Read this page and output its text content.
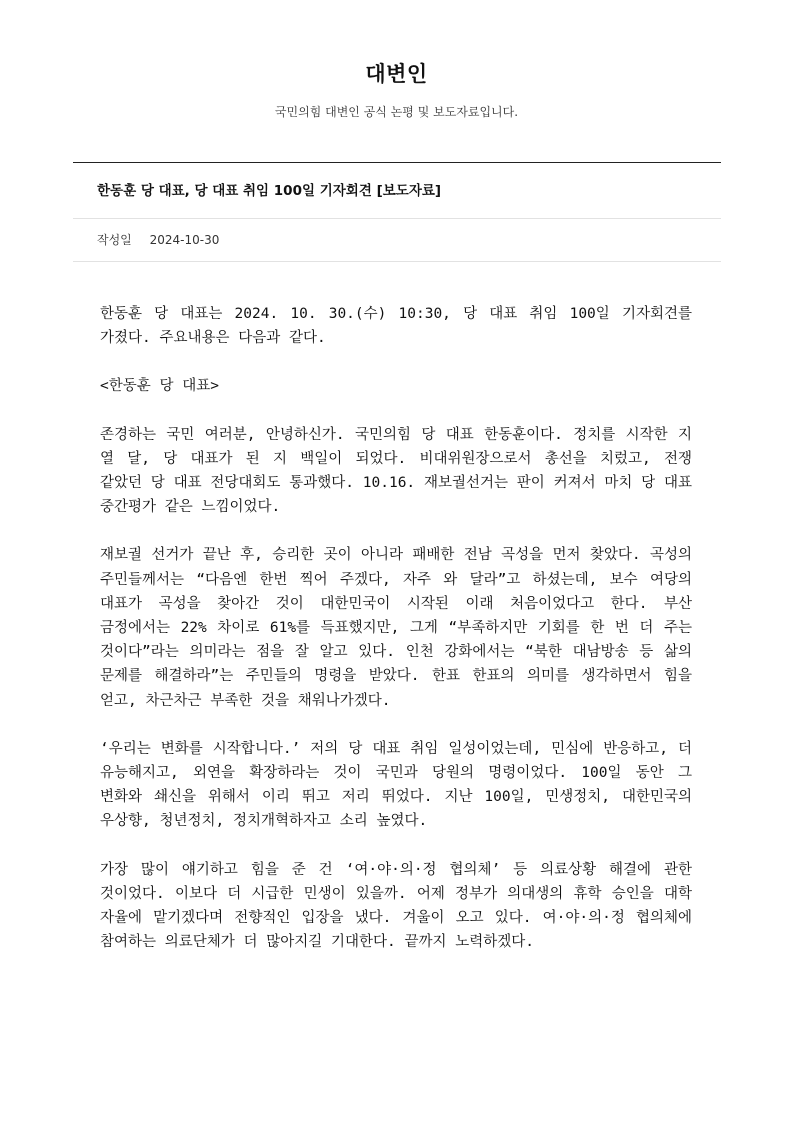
대변인
국민의힘 대변인 공식 논평 및 보도자료입니다.
한동훈 당 대표, 당 대표 취임 100일 기자회견 [보도자료]
작성일 2024-10-30

한동훈 당 대표는 2024. 10. 30.(수) 10:30, 당 대표 취임 100일 기자회견를 가졌다. 주요내용은 다음과 같다.

<한동훈 당 대표>

존경하는 국민 여러분, 안녕하신가. 국민의힘 당 대표 한동훈이다. 정치를 시작한 지 열 달, 당 대표가 된 지 백일이 되었다. 비대위원장으로서 총선을 치렀고, 전쟁 같았던 당 대표 전당대회도 통과했다. 10.16. 재보궐선거는 판이 커져서 마치 당 대표 중간평가 같은 느낌이었다.

재보궐 선거가 끝난 후, 승리한 곳이 아니라 패배한 전남 곡성을 먼저 찾았다. 곡성의 주민들께서는 “다음엔 한번 찍어 주겠다, 자주 와 달라”고 하셨는데, 보수 여당의 대표가 곡성을 찾아간 것이 대한민국이 시작된 이래 처음이었다고 한다. 부산 금정에서는 22% 차이로 61%를 득표했지만, 그게 “부족하지만 기회를 한 번 더 주는 것이다”라는 의미라는 점을 잘 알고 있다. 인천 강화에서는 “북한 대남방송 등 삶의 문제를 해결하라”는 주민들의 명령을 받았다. 한표 한표의 의미를 생각하면서 힘을 얻고, 차근차근 부족한 것을 채워나가겠다.

‘우리는 변화를 시작합니다.’ 저의 당 대표 취임 일성이었는데, 민심에 반응하고, 더 유능해지고, 외연을 확장하라는 것이 국민과 당원의 명령이었다. 100일 동안 그 변화와 쇄신을 위해서 이리 뛰고 저리 뛰었다. 지난 100일, 민생정치, 대한민국의 우상향, 청년정치, 정치개혁하자고 소리 높였다.

가장 많이 얘기하고 힘을 준 건 ‘여·야·의·정 협의체’ 등 의료상황 해결에 관한 것이었다. 이보다 더 시급한 민생이 있을까. 어제 정부가 의대생의 휴학 승인을 대학 자율에 맡기겠다며 전향적인 입장을 냈다. 겨울이 오고 있다. 여·야·의·정 협의체에 참여하는 의료단체가 더 많아지길 기대한다. 끝까지 노력하겠다.
